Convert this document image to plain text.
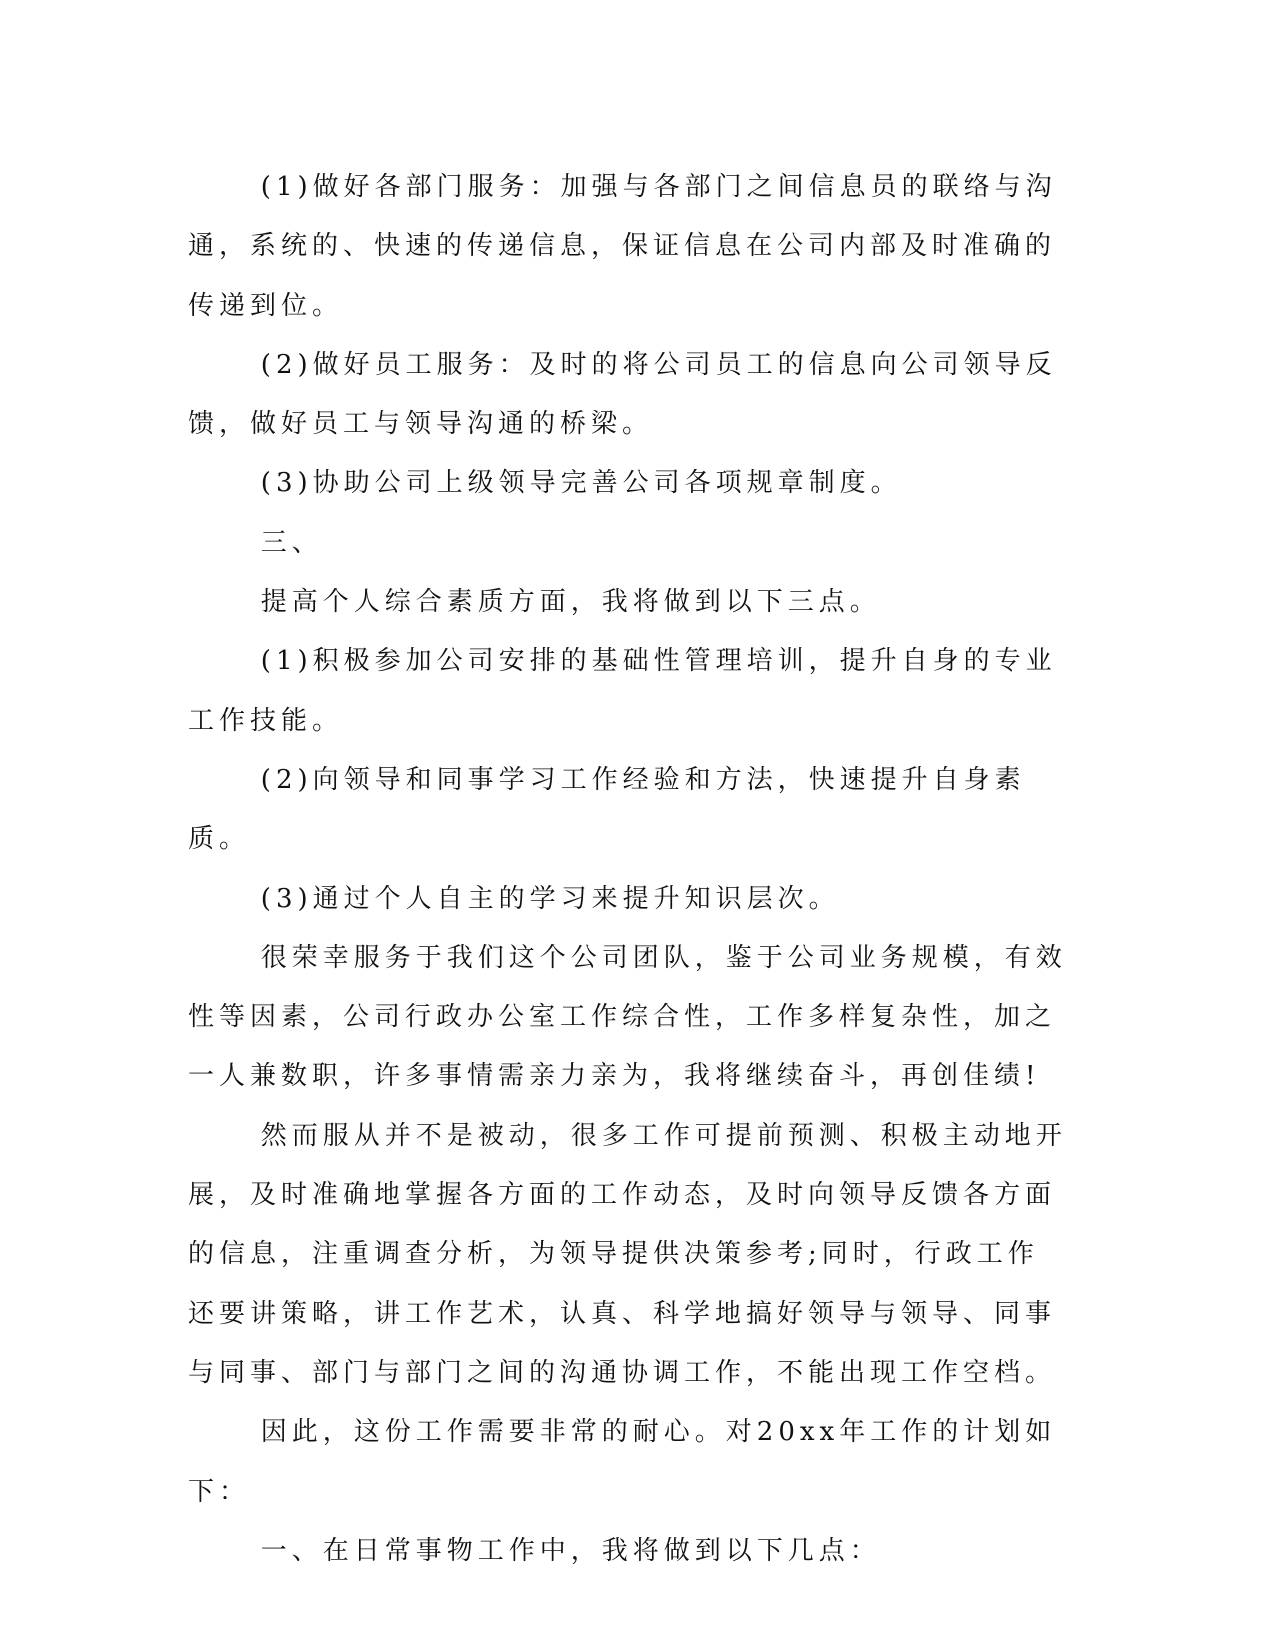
(1)做好各部门服务：加强与各部门之间信息员的联络与沟通，系统的、快速的传递信息，保证信息在公司内部及时准确的传递到位。

(2)做好员工服务：及时的将公司员工的信息向公司领导反馈，做好员工与领导沟通的桥梁。

(3)协助公司上级领导完善公司各项规章制度。

三、

提高个人综合素质方面，我将做到以下三点。

(1)积极参加公司安排的基础性管理培训，提升自身的专业工作技能。

(2)向领导和同事学习工作经验和方法，快速提升自身素质。

(3)通过个人自主的学习来提升知识层次。

很荣幸服务于我们这个公司团队，鉴于公司业务规模，有效性等因素，公司行政办公室工作综合性，工作多样复杂性，加之一人兼数职，许多事情需亲力亲为，我将继续奋斗，再创佳绩!

然而服从并不是被动，很多工作可提前预测、积极主动地开展，及时准确地掌握各方面的工作动态，及时向领导反馈各方面的信息，注重调查分析，为领导提供决策参考;同时，行政工作还要讲策略，讲工作艺术，认真、科学地搞好领导与领导、同事与同事、部门与部门之间的沟通协调工作，不能出现工作空档。

因此，这份工作需要非常的耐心。对20xx年工作的计划如下：

一、在日常事物工作中，我将做到以下几点：
